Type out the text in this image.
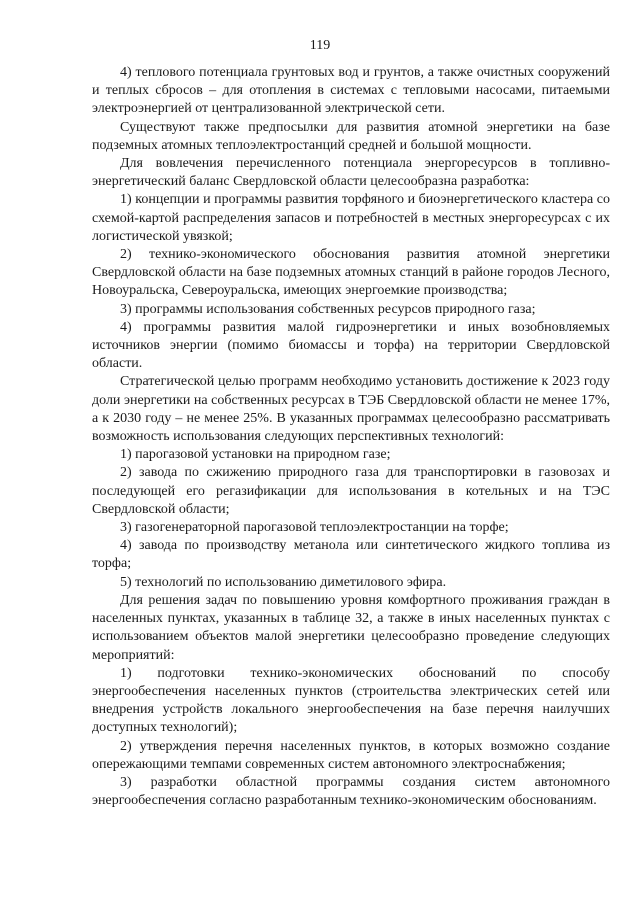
119

4) теплового потенциала грунтовых вод и грунтов, а также очистных сооружений и теплых сбросов – для отопления в системах с тепловыми насосами, питаемыми электроэнергией от централизованной электрической сети.

Существуют также предпосылки для развития атомной энергетики на базе подземных атомных теплоэлектростанций средней и большой мощности.

Для вовлечения перечисленного потенциала энергоресурсов в топливно-энергетический баланс Свердловской области целесообразна разработка:

1) концепции и программы развития торфяного и биоэнергетического кластера со схемой-картой распределения запасов и потребностей в местных энергоресурсах с их логистической увязкой;

2) технико-экономического обоснования развития атомной энергетики Свердловской области на базе подземных атомных станций в районе городов Лесного, Новоуральска, Североуральска, имеющих энергоемкие производства;

3) программы использования собственных ресурсов природного газа;

4) программы развития малой гидроэнергетики и иных возобновляемых источников энергии (помимо биомассы и торфа) на территории Свердловской области.

Стратегической целью программ необходимо установить достижение к 2023 году доли энергетики на собственных ресурсах в ТЭБ Свердловской области не менее 17%, а к 2030 году – не менее 25%. В указанных программах целесообразно рассматривать возможность использования следующих перспективных технологий:

1) парогазовой установки на природном газе;

2) завода по сжижению природного газа для транспортировки в газовозах и последующей его регазификации для использования в котельных и на ТЭС Свердловской области;

3) газогенераторной парогазовой теплоэлектростанции на торфе;

4) завода по производству метанола или синтетического жидкого топлива из торфа;

5) технологий по использованию диметилового эфира.

Для решения задач по повышению уровня комфортного проживания граждан в населенных пунктах, указанных в таблице 32, а также в иных населенных пунктах с использованием объектов малой энергетики целесообразно проведение следующих мероприятий:

1) подготовки технико-экономических обоснований по способу энергообеспечения населенных пунктов (строительства электрических сетей или внедрения устройств локального энергообеспечения на базе перечня наилучших доступных технологий);

2) утверждения перечня населенных пунктов, в которых возможно создание опережающими темпами современных систем автономного электроснабжения;

3) разработки областной программы создания систем автономного энергообеспечения согласно разработанным технико-экономическим обоснованиям.
